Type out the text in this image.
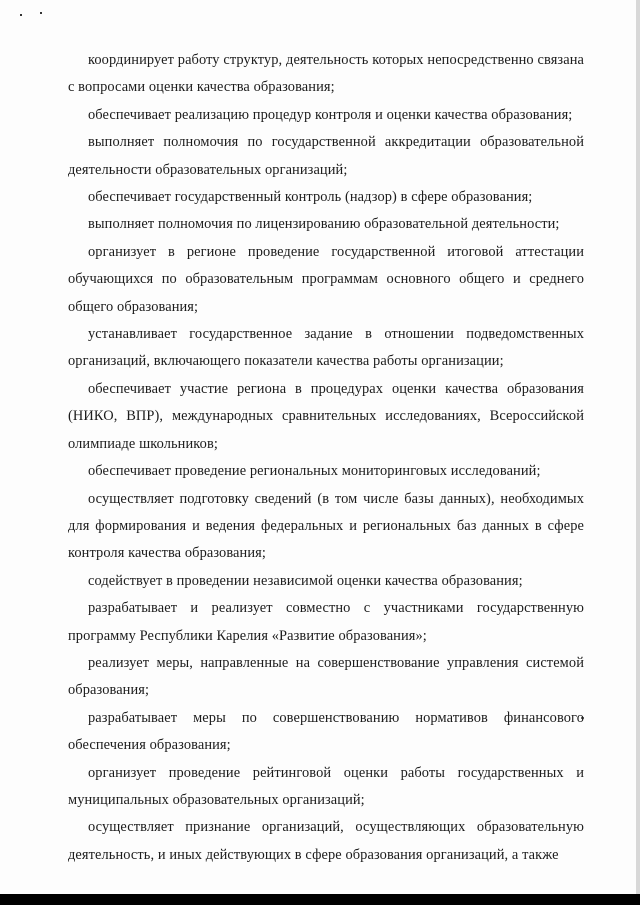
координирует работу структур, деятельность которых непосредственно связана с вопросами оценки качества образования;

обеспечивает реализацию процедур контроля и оценки качества образования;

выполняет полномочия по государственной аккредитации образовательной деятельности образовательных организаций;

обеспечивает государственный контроль (надзор) в сфере образования;

выполняет полномочия по лицензированию образовательной деятельности;

организует в регионе проведение государственной итоговой аттестации обучающихся по образовательным программам основного общего и среднего общего образования;

устанавливает государственное задание в отношении подведомственных организаций, включающего показатели качества работы организации;

обеспечивает участие региона в процедурах оценки качества образования (НИКО, ВПР), международных сравнительных исследованиях, Всероссийской олимпиаде школьников;

обеспечивает проведение региональных мониторинговых исследований;

осуществляет подготовку сведений (в том числе базы данных), необходимых для формирования и ведения федеральных и региональных баз данных в сфере контроля качества образования;

содействует в проведении независимой оценки качества образования;

разрабатывает и реализует совместно с участниками государственную программу Республики Карелия «Развитие образования»;

реализует меры, направленные на совершенствование управления системой образования;

разрабатывает меры по совершенствованию нормативов финансового обеспечения образования;

организует проведение рейтинговой оценки работы государственных и муниципальных образовательных организаций;

осуществляет признание организаций, осуществляющих образовательную деятельность, и иных действующих в сфере образования организаций, а также
